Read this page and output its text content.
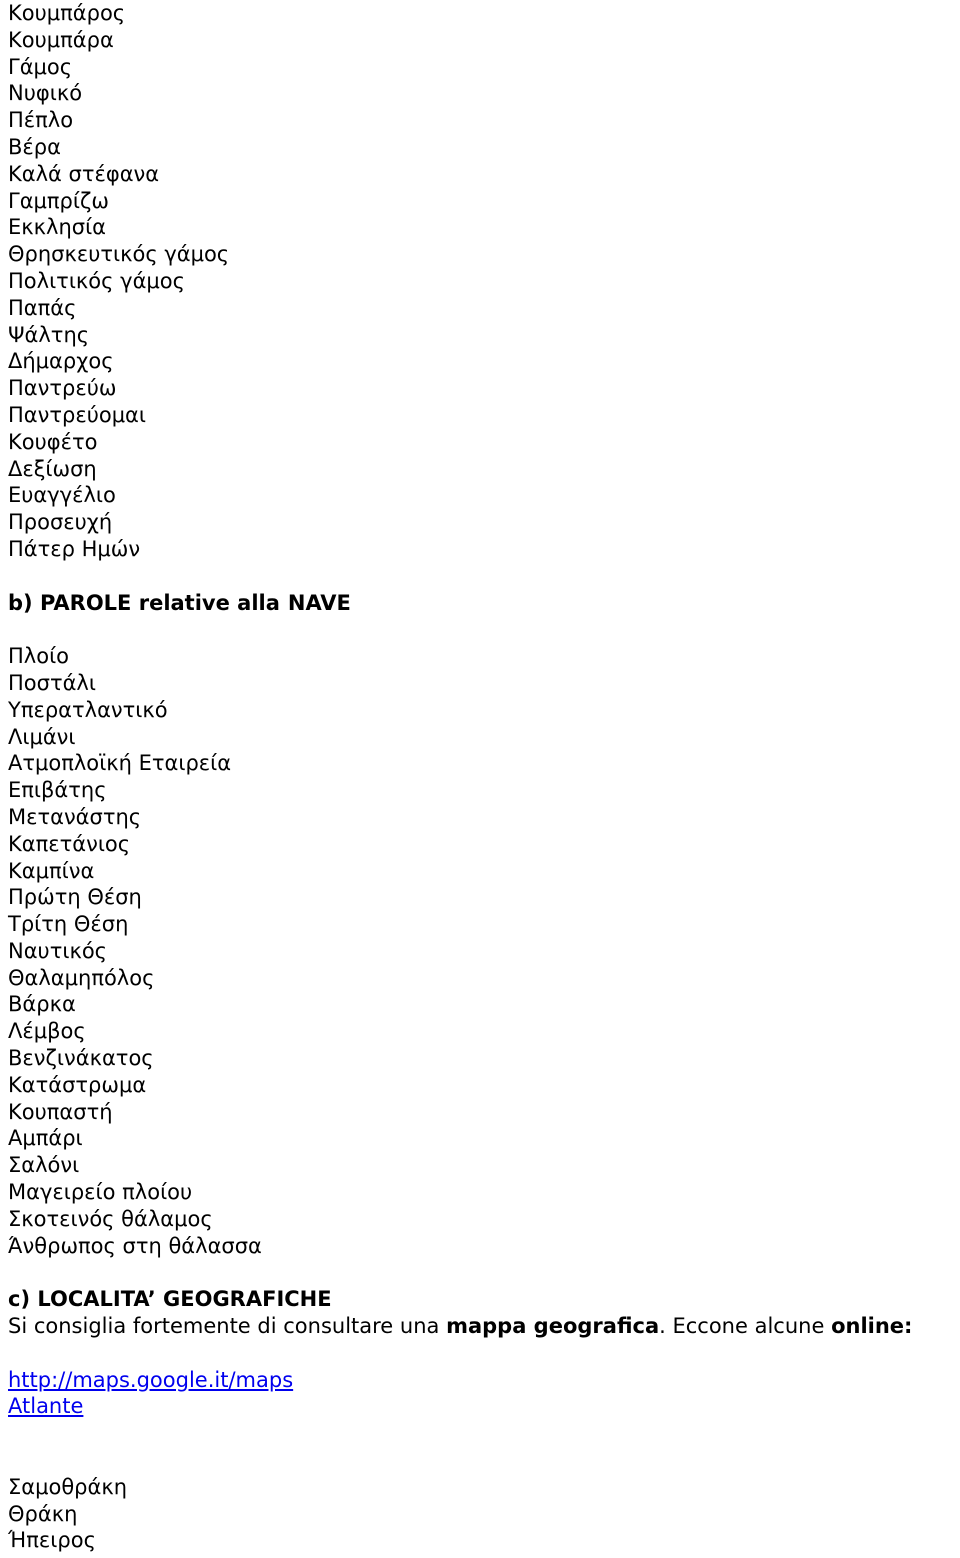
Κουμπάρος
Κουμπάρα
Γάμος
Νυφικό
Πέπλο
Βέρα
Καλά στέφανα
Γαμπρίζω
Εκκλησία
Θρησκευτικός γάμος
Πολιτικός γάμος
Παπάς
Ψάλτης
Δήμαρχος
Παντρεύω
Παντρεύομαι
Κουφέτο
Δεξίωση
Ευαγγέλιο
Προσευχή
Πάτερ Ημών
b) PAROLE relative alla NAVE
Πλοίο
Ποστάλι
Υπερατλαντικό
Λιμάνι
Ατμοπλοϊκή Εταιρεία
Επιβάτης
Μετανάστης
Καπετάνιος
Καμπίνα
Πρώτη Θέση
Τρίτη Θέση
Ναυτικός
Θαλαμηπόλος
Βάρκα
Λέμβος
Βενζινάκατος
Κατάστρωμα
Κουπαστή
Αμπάρι
Σαλόνι
Μαγειρείο πλοίου
Σκοτεινός θάλαμος
Άνθρωπος στη θάλασσα
c) LOCALITA’ GEOGRAFICHE
Si consiglia fortemente di consultare una mappa geografica. Eccone alcune online:
http://maps.google.it/maps
Atlante
Σαμοθράκη
Θράκη
Ήπειρος
